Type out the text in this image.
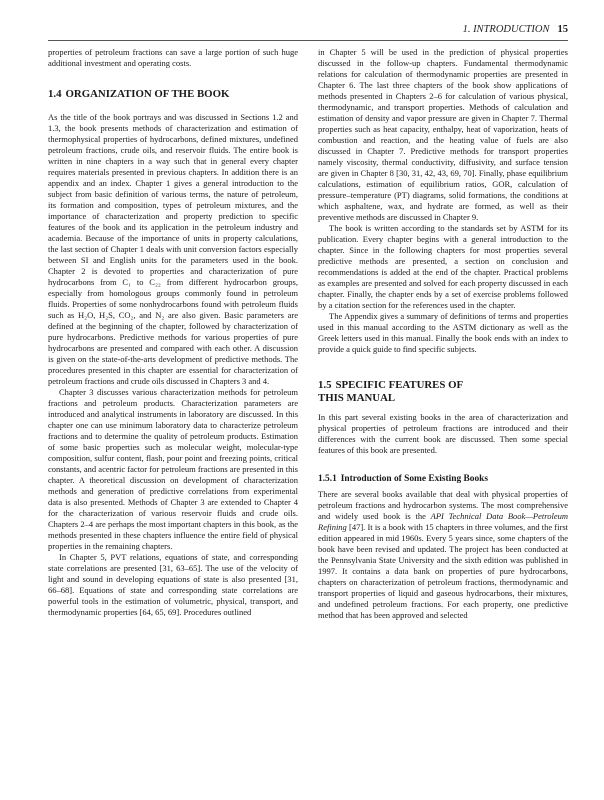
1. INTRODUCTION 15

properties of petroleum fractions can save a large portion of such huge additional investment and operating costs.

1.4 ORGANIZATION OF THE BOOK

As the title of the book portrays and was discussed in Sections 1.2 and 1.3, the book presents methods of characterization and estimation of thermophysical properties of hydrocarbons, defined mixtures, undefined petroleum fractions, crude oils, and reservoir fluids. The entire book is written in nine chapters in a way such that in general every chapter requires materials presented in previous chapters. In addition there is an appendix and an index. Chapter 1 gives a general introduction to the subject from basic definition of various terms, the nature of petroleum, its formation and composition, types of petroleum mixtures, and the importance of characterization and property prediction to specific features of the book and its application in the petroleum industry and academia. Because of the importance of units in property calculations, the last section of Chapter 1 deals with unit conversion factors especially between SI and English units for the parameters used in the book. Chapter 2 is devoted to properties and characterization of pure hydrocarbons from C₁ to C₂₂ from different hydrocarbon groups, especially from homologous groups commonly found in petroleum fluids. Properties of some nonhydrocarbons found with petroleum fluids such as H₂O, H₂S, CO₂, and N₂ are also given. Basic parameters are defined at the beginning of the chapter, followed by characterization of pure hydrocarbons. Predictive methods for various properties of pure hydrocarbons are presented and compared with each other. A discussion is given on the state-of-the-arts development of predictive methods. The procedures presented in this chapter are essential for characterization of petroleum fractions and crude oils discussed in Chapters 3 and 4.

Chapter 3 discusses various characterization methods for petroleum fractions and petroleum products. Characterization parameters are introduced and analytical instruments in laboratory are discussed. In this chapter one can use minimum laboratory data to characterize petroleum fractions and to determine the quality of petroleum products. Estimation of some basic properties such as molecular weight, molecular-type composition, sulfur content, flash, pour point and freezing points, critical constants, and acentric factor for petroleum fractions are presented in this chapter. A theoretical discussion on development of characterization methods and generation of predictive correlations from experimental data is also presented. Methods of Chapter 3 are extended to Chapter 4 for the characterization of various reservoir fluids and crude oils. Chapters 2–4 are perhaps the most important chapters in this book, as the methods presented in these chapters influence the entire field of physical properties in the remaining chapters.

In Chapter 5, PVT relations, equations of state, and corresponding state correlations are presented [31, 63–65]. The use of the velocity of light and sound in developing equations of state is also presented [31, 66–68]. Equations of state and corresponding state correlations are powerful tools in the estimation of volumetric, physical, transport, and thermodynamic properties [64, 65, 69]. Procedures outlined

in Chapter 5 will be used in the prediction of physical properties discussed in the follow-up chapters. Fundamental thermodynamic relations for calculation of thermodynamic properties are presented in Chapter 6. The last three chapters of the book show applications of methods presented in Chapters 2–6 for calculation of various physical, thermodynamic, and transport properties. Methods of calculation and estimation of density and vapor pressure are given in Chapter 7. Thermal properties such as heat capacity, enthalpy, heat of vaporization, heats of combustion and reaction, and the heating value of fuels are also discussed in Chapter 7. Predictive methods for transport properties namely viscosity, thermal conductivity, diffusivity, and surface tension are given in Chapter 8 [30, 31, 42, 43, 69, 70]. Finally, phase equilibrium calculations, estimation of equilibrium ratios, GOR, calculation of pressure–temperature (PT) diagrams, solid formations, the conditions at which asphaltene, wax, and hydrate are formed, as well as their preventive methods are discussed in Chapter 9.

The book is written according to the standards set by ASTM for its publication. Every chapter begins with a general introduction to the chapter. Since in the following chapters for most properties several predictive methods are presented, a section on conclusion and recommendations is added at the end of the chapter. Practical problems as examples are presented and solved for each property discussed in each chapter. Finally, the chapter ends by a set of exercise problems followed by a citation section for the references used in the chapter.

The Appendix gives a summary of definitions of terms and properties used in this manual according to the ASTM dictionary as well as the Greek letters used in this manual. Finally the book ends with an index to provide a quick guide to find specific subjects.

1.5 SPECIFIC FEATURES OF
THIS MANUAL

In this part several existing books in the area of characterization and physical properties of petroleum fractions are introduced and their differences with the current book are discussed. Then some special features of this book are presented.

1.5.1 Introduction of Some Existing Books

There are several books available that deal with physical properties of petroleum fractions and hydrocarbon systems. The most comprehensive and widely used book is the API Technical Data Book—Petroleum Refining [47]. It is a book with 15 chapters in three volumes, and the first edition appeared in mid 1960s. Every 5 years since, some chapters of the book have been revised and updated. The project has been conducted at the Pennsylvania State University and the sixth edition was published in 1997. It contains a data bank on properties of pure hydrocarbons, chapters on characterization of petroleum fractions, thermodynamic and transport properties of liquid and gaseous hydrocarbons, their mixtures, and undefined petroleum fractions. For each property, one predictive method that has been approved and selected
